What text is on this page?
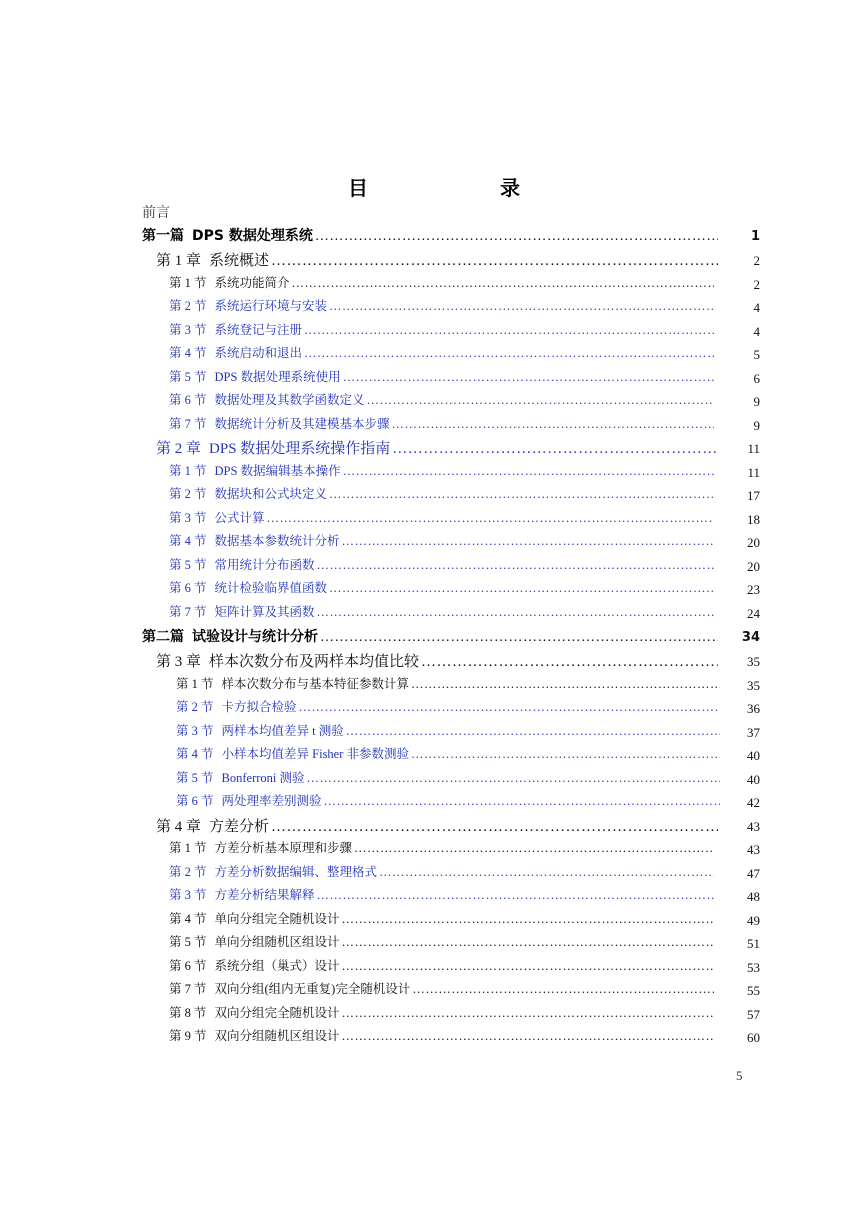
目　录
前言
第一篇 DPS 数据处理系统 ……………………………………………………………………………………………………………………………………………………………………………………………………………………	1
第 1 章 系统概述 ……………………………………………………………………………………………………………………………………………………………………………………………………………………	2
第 1 节 系统功能简介 ……………………………………………………………………………………………………………………………………………………………………………………………………………………	2
第 2 节 系统运行环境与安装 ……………………………………………………………………………………………………………………………………………………………………………………………………………………	4
第 3 节 系统登记与注册 ……………………………………………………………………………………………………………………………………………………………………………………………………………………	4
第 4 节 系统启动和退出 ……………………………………………………………………………………………………………………………………………………………………………………………………………………	5
第 5 节 DPS 数据处理系统使用 ……………………………………………………………………………………………………………………………………………………………………………………………………………………	6
第 6 节 数据处理及其数学函数定义 ……………………………………………………………………………………………………………………………………………………………………………………………………………………	9
第 7 节 数据统计分析及其建模基本步骤 ……………………………………………………………………………………………………………………………………………………………………………………………………………………	9
第 2 章 DPS 数据处理系统操作指南 ……………………………………………………………………………………………………………………………………………………………………………………………………………………	11
第 1 节 DPS 数据编辑基本操作 ……………………………………………………………………………………………………………………………………………………………………………………………………………………	11
第 2 节 数据块和公式块定义 ……………………………………………………………………………………………………………………………………………………………………………………………………………………	17
第 3 节 公式计算 ……………………………………………………………………………………………………………………………………………………………………………………………………………………	18
第 4 节 数据基本参数统计分析 ……………………………………………………………………………………………………………………………………………………………………………………………………………………	20
第 5 节 常用统计分布函数 ……………………………………………………………………………………………………………………………………………………………………………………………………………………	20
第 6 节 统计检验临界值函数 ……………………………………………………………………………………………………………………………………………………………………………………………………………………	23
第 7 节 矩阵计算及其函数 ……………………………………………………………………………………………………………………………………………………………………………………………………………………	24
第二篇 试验设计与统计分析 ……………………………………………………………………………………………………………………………………………………………………………………………………………………	34
第 3 章 样本次数分布及两样本均值比较 ……………………………………………………………………………………………………………………………………………………………………………………………………………………	35
第 1 节 样本次数分布与基本特征参数计算 ……………………………………………………………………………………………………………………………………………………………………………………………………………………	35
第 2 节 卡方拟合检验 ……………………………………………………………………………………………………………………………………………………………………………………………………………………	36
第 3 节 两样本均值差异 t 测验 ……………………………………………………………………………………………………………………………………………………………………………………………………………………	37
第 4 节 小样本均值差异 Fisher 非参数测验 ……………………………………………………………………………………………………………………………………………………………………………………………………………………	40
第 5 节 Bonferroni 测验 ……………………………………………………………………………………………………………………………………………………………………………………………………………………	40
第 6 节 两处理率差别测验 ……………………………………………………………………………………………………………………………………………………………………………………………………………………	42
第 4 章 方差分析 ……………………………………………………………………………………………………………………………………………………………………………………………………………………	43
第 1 节 方差分析基本原理和步骤 ……………………………………………………………………………………………………………………………………………………………………………………………………………………	43
第 2 节 方差分析数据编辑、整理格式 ……………………………………………………………………………………………………………………………………………………………………………………………………………………	47
第 3 节 方差分析结果解释 ……………………………………………………………………………………………………………………………………………………………………………………………………………………	48
第 4 节 单向分组完全随机设计 ……………………………………………………………………………………………………………………………………………………………………………………………………………………	49
第 5 节 单向分组随机区组设计 ……………………………………………………………………………………………………………………………………………………………………………………………………………………	51
第 6 节 系统分组（巢式）设计 ……………………………………………………………………………………………………………………………………………………………………………………………………………………	53
第 7 节 双向分组(组内无重复)完全随机设计 ……………………………………………………………………………………………………………………………………………………………………………………………………………………	55
第 8 节 双向分组完全随机设计 ……………………………………………………………………………………………………………………………………………………………………………………………………………………	57
第 9 节 双向分组随机区组设计 ……………………………………………………………………………………………………………………………………………………………………………………………………………………	60
5
